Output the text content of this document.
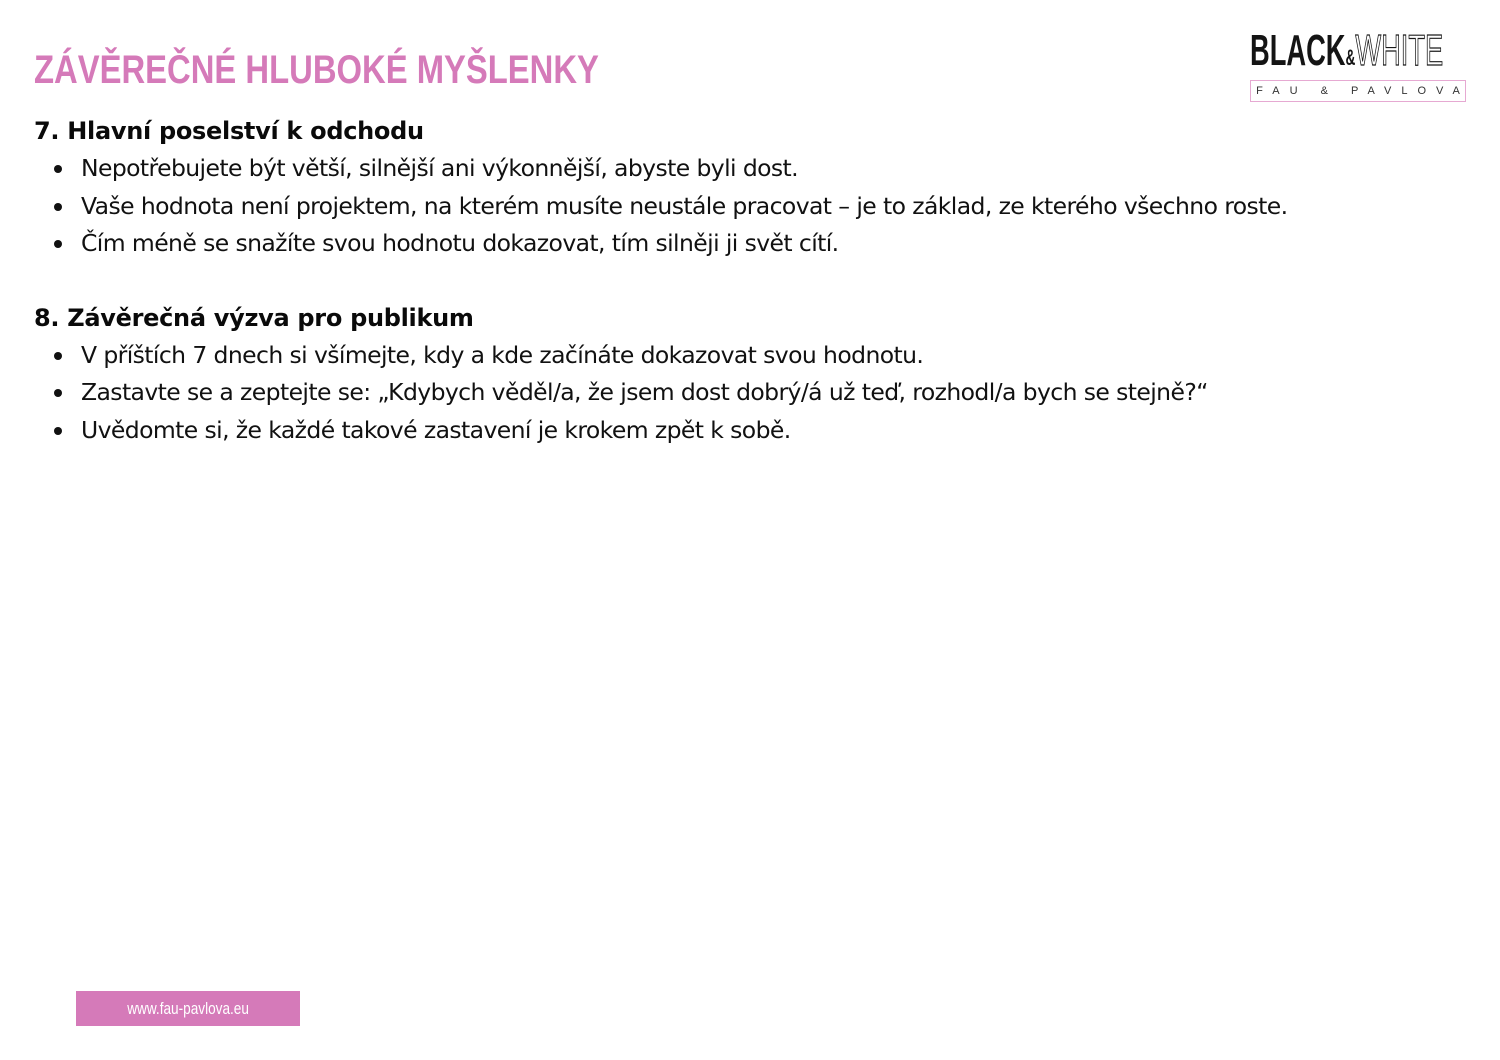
ZÁVĚREČNÉ HLUBOKÉ MYŠLENKY	BLACK&WHITE
FAU & PAVLOVA
7. Hlavní poselství k odchodu
Nepotřebujete být větší, silnější ani výkonnější, abyste byli dost.
Vaše hodnota není projektem, na kterém musíte neustále pracovat – je to základ, ze kterého všechno roste.
Čím méně se snažíte svou hodnotu dokazovat, tím silněji ji svět cítí.
8. Závěrečná výzva pro publikum
V příštích 7 dnech si všímejte, kdy a kde začínáte dokazovat svou hodnotu.
Zastavte se a zeptejte se: „Kdybych věděl/a, že jsem dost dobrý/á už teď, rozhodl/a bych se stejně?“
Uvědomte si, že každé takové zastavení je krokem zpět k sobě.
www.fau-pavlova.eu
